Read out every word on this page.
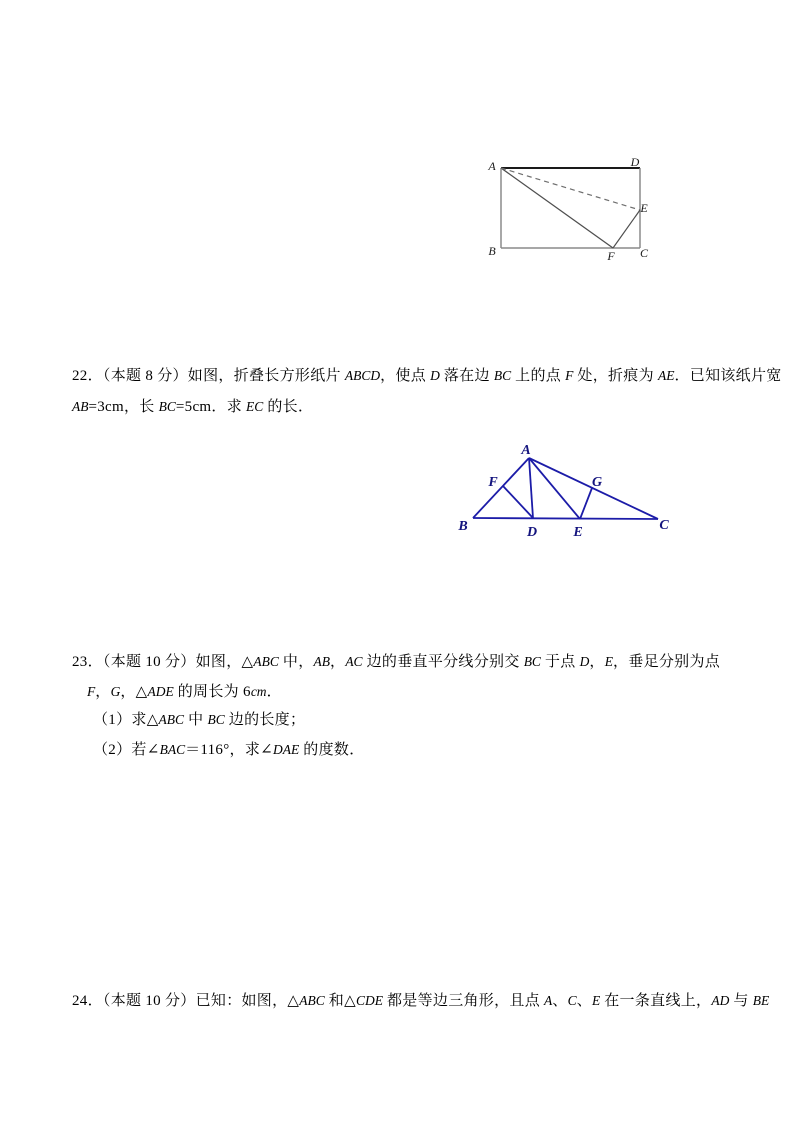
A	D
B	C
E
F

22．（本题 8 分）如图，折叠长方形纸片 ABCD，使点 D 落在边 BC 上的点 F 处，折痕为 AE．已知该纸片宽

AB=3cm，长 BC=5cm．求 EC 的长．

A
B	C
D	E
F	G

23．（本题 10 分）如图，△ABC 中，AB，AC 边的垂直平分线分别交 BC 于点 D，E，垂足分别为点

F，G，△ADE 的周长为 6cm．

（1）求△ABC 中 BC 边的长度；

（2）若∠BAC＝116°，求∠DAE 的度数．

24．（本题 10 分）已知：如图，△ABC 和△CDE 都是等边三角形，且点 A、C、E 在一条直线上，AD 与 BE
